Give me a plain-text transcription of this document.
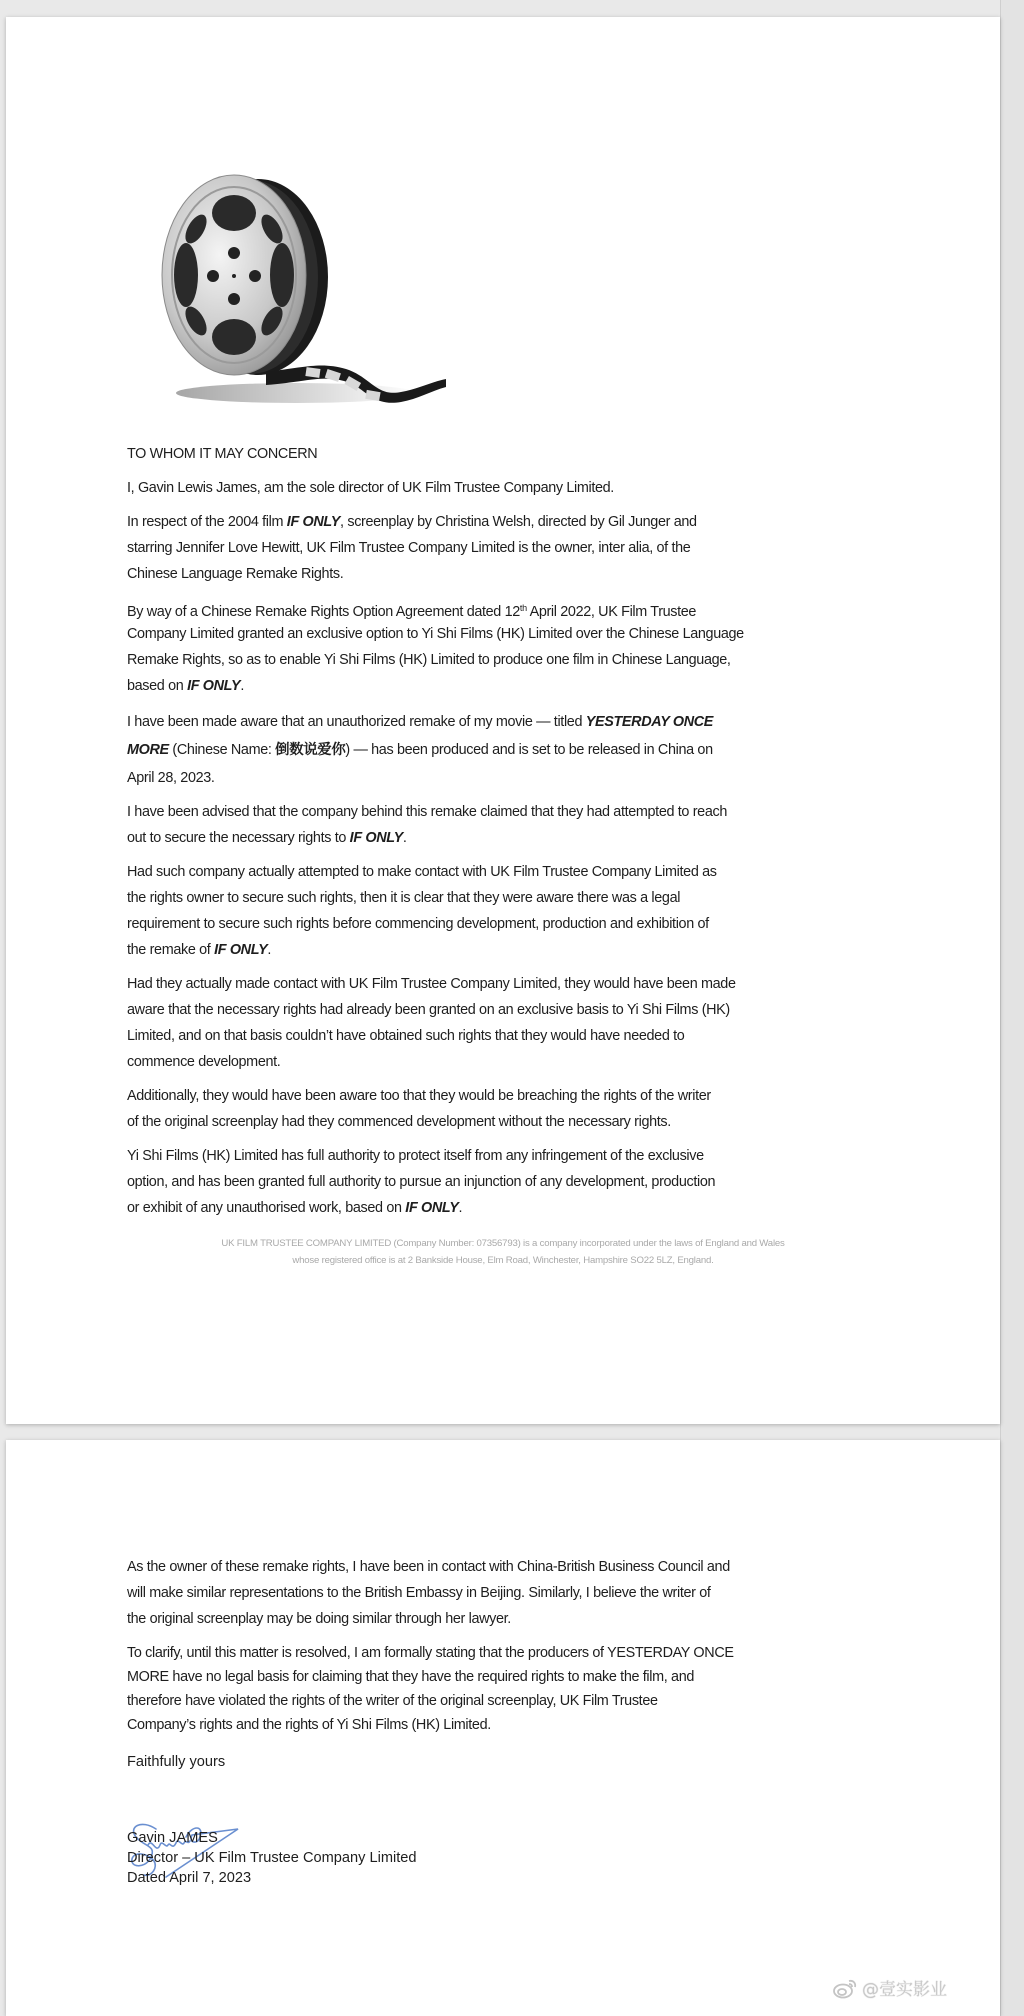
TO WHOM IT MAY CONCERN
I, Gavin Lewis James, am the sole director of UK Film Trustee Company Limited.
In respect of the 2004 film IF ONLY, screenplay by Christina Welsh, directed by Gil Junger and
starring Jennifer Love Hewitt, UK Film Trustee Company Limited is the owner, inter alia, of the
Chinese Language Remake Rights.
By way of a Chinese Remake Rights Option Agreement dated 12th April 2022, UK Film Trustee
Company Limited granted an exclusive option to Yi Shi Films (HK) Limited over the Chinese Language
Remake Rights, so as to enable Yi Shi Films (HK) Limited to produce one film in Chinese Language,
based on IF ONLY.
I have been made aware that an unauthorized remake of my movie — titled YESTERDAY ONCE
MORE (Chinese Name: 倒数说爱你) — has been produced and is set to be released in China on
April 28, 2023.
I have been advised that the company behind this remake claimed that they had attempted to reach
out to secure the necessary rights to IF ONLY.
Had such company actually attempted to make contact with UK Film Trustee Company Limited as
the rights owner to secure such rights, then it is clear that they were aware there was a legal
requirement to secure such rights before commencing development, production and exhibition of
the remake of IF ONLY.
Had they actually made contact with UK Film Trustee Company Limited, they would have been made
aware that the necessary rights had already been granted on an exclusive basis to Yi Shi Films (HK)
Limited, and on that basis couldn’t have obtained such rights that they would have needed to
commence development.
Additionally, they would have been aware too that they would be breaching the rights of the writer
of the original screenplay had they commenced development without the necessary rights.
Yi Shi Films (HK) Limited has full authority to protect itself from any infringement of the exclusive
option, and has been granted full authority to pursue an injunction of any development, production
or exhibit of any unauthorised work, based on IF ONLY.
UK FILM TRUSTEE COMPANY LIMITED (Company Number: 07356793) is a company incorporated under the laws of England and Wales
whose registered office is at 2 Bankside House, Elm Road, Winchester, Hampshire SO22 5LZ, England.
As the owner of these remake rights, I have been in contact with China-British Business Council and
will make similar representations to the British Embassy in Beijing. Similarly, I believe the writer of
the original screenplay may be doing similar through her lawyer.
To clarify, until this matter is resolved, I am formally stating that the producers of YESTERDAY ONCE
MORE have no legal basis for claiming that they have the required rights to make the film, and
therefore have violated the rights of the writer of the original screenplay, UK Film Trustee
Company’s rights and the rights of Yi Shi Films (HK) Limited.
Faithfully yours
Gavin JAMES
Director – UK Film Trustee Company Limited
Dated April 7, 2023
@壹实影业
